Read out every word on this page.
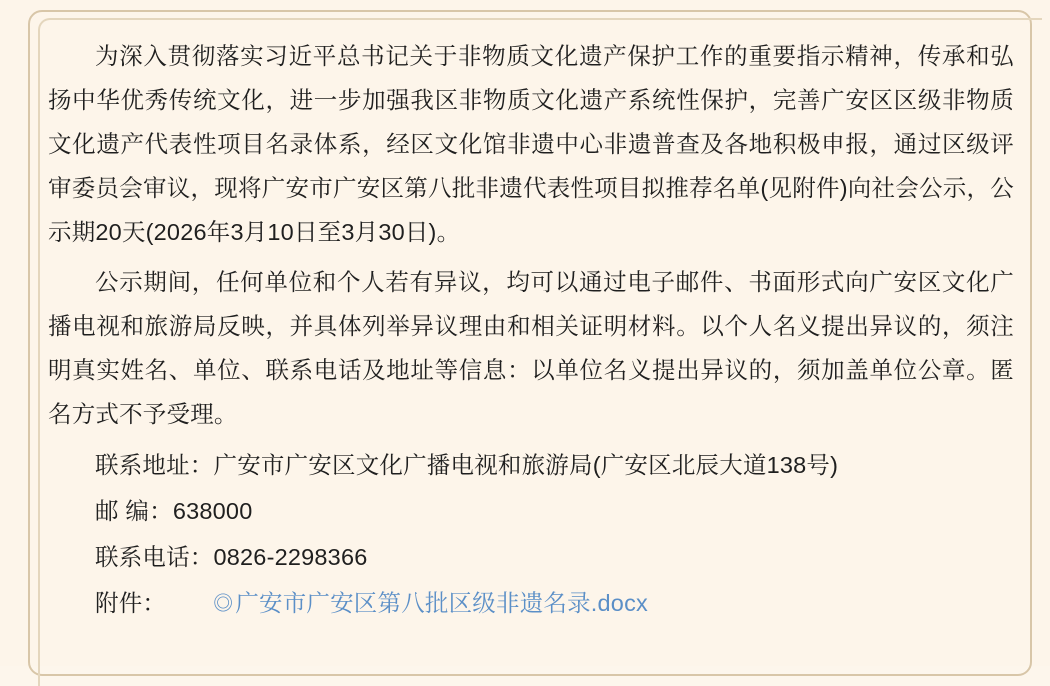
为深入贯彻落实习近平总书记关于非物质文化遗产保护工作的重要指示精神，传承和弘扬中华优秀传统文化，进一步加强我区非物质文化遗产系统性保护，完善广安区区级非物质文化遗产代表性项目名录体系，经区文化馆非遗中心非遗普查及各地积极申报，通过区级评审委员会审议，现将广安市广安区第八批非遗代表性项目拟推荐名单(见附件)向社会公示，公示期20天(2026年3月10日至3月30日)。

公示期间，任何单位和个人若有异议，均可以通过电子邮件、书面形式向广安区文化广播电视和旅游局反映，并具体列举异议理由和相关证明材料。以个人名义提出异议的，须注明真实姓名、单位、联系电话及地址等信息：以单位名义提出异议的，须加盖单位公章。匿名方式不予受理。

联系地址：广安市广安区文化广播电视和旅游局(广安区北辰大道138号)

邮 编：638000

联系电话：0826-2298366

附件： ◎广安市广安区第八批区级非遗名录.docx
